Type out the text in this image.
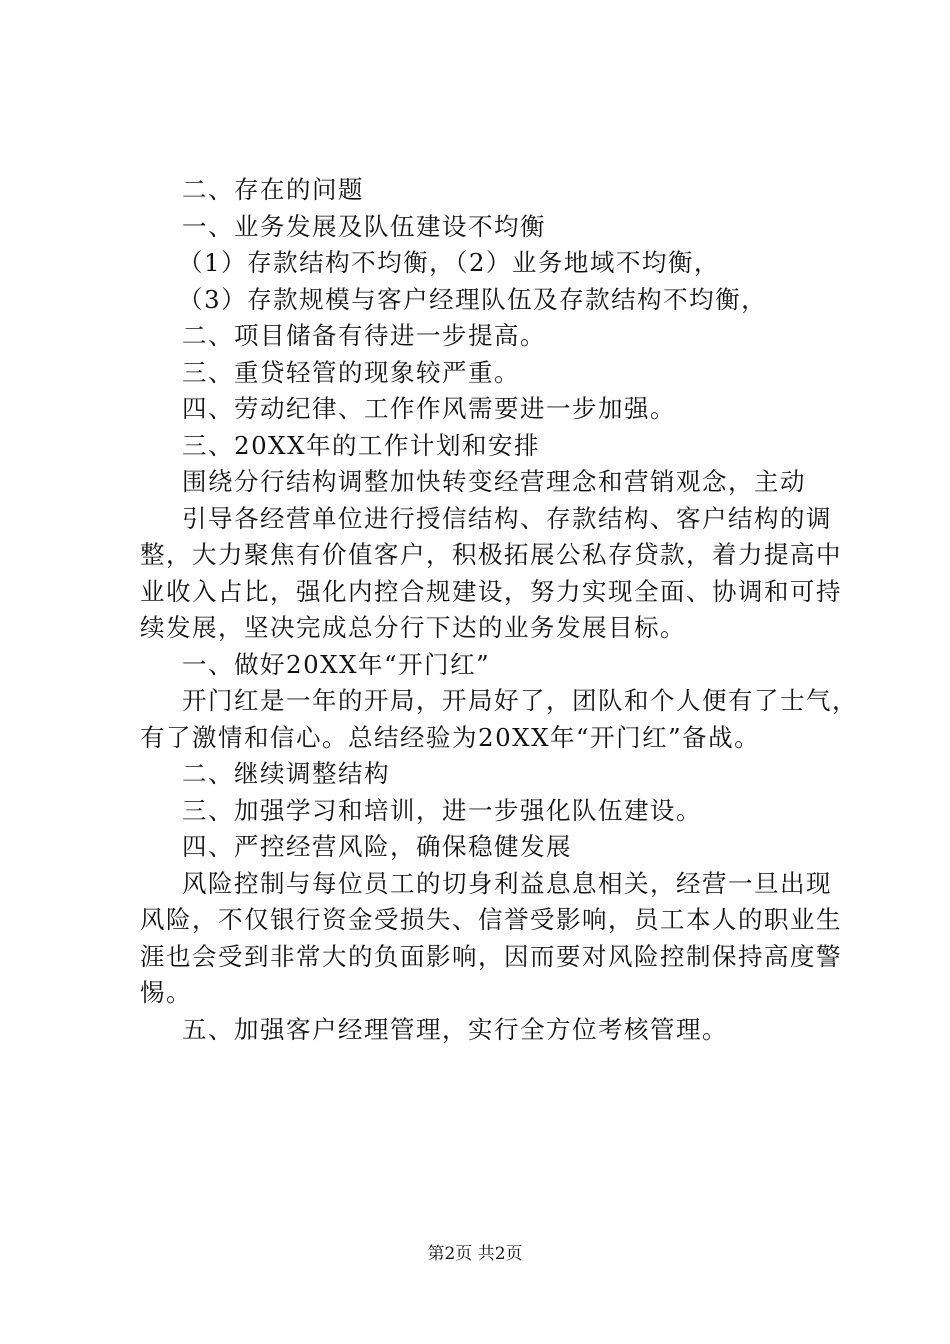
二、存在的问题
一、业务发展及队伍建设不均衡
（1）存款结构不均衡，（2）业务地域不均衡，
（3）存款规模与客户经理队伍及存款结构不均衡，
二、项目储备有待进一步提高。
三、重贷轻管的现象较严重。
四、劳动纪律、工作作风需要进一步加强。
三、20XX年的工作计划和安排
围绕分行结构调整加快转变经营理念和营销观念，主动
引导各经营单位进行授信结构、存款结构、客户结构的调
整，大力聚焦有价值客户，积极拓展公私存贷款，着力提高中
业收入占比，强化内控合规建设，努力实现全面、协调和可持
续发展，坚决完成总分行下达的业务发展目标。
一、做好20XX年“开门红”
开门红是一年的开局，开局好了，团队和个人便有了士气，
有了激情和信心。总结经验为20XX年“开门红”备战。
二、继续调整结构
三、加强学习和培训，进一步强化队伍建设。
四、严控经营风险，确保稳健发展
风险控制与每位员工的切身利益息息相关，经营一旦出现
风险，不仅银行资金受损失、信誉受影响，员工本人的职业生
涯也会受到非常大的负面影响，因而要对风险控制保持高度警
惕。
五、加强客户经理管理，实行全方位考核管理。
第2页 共2页
